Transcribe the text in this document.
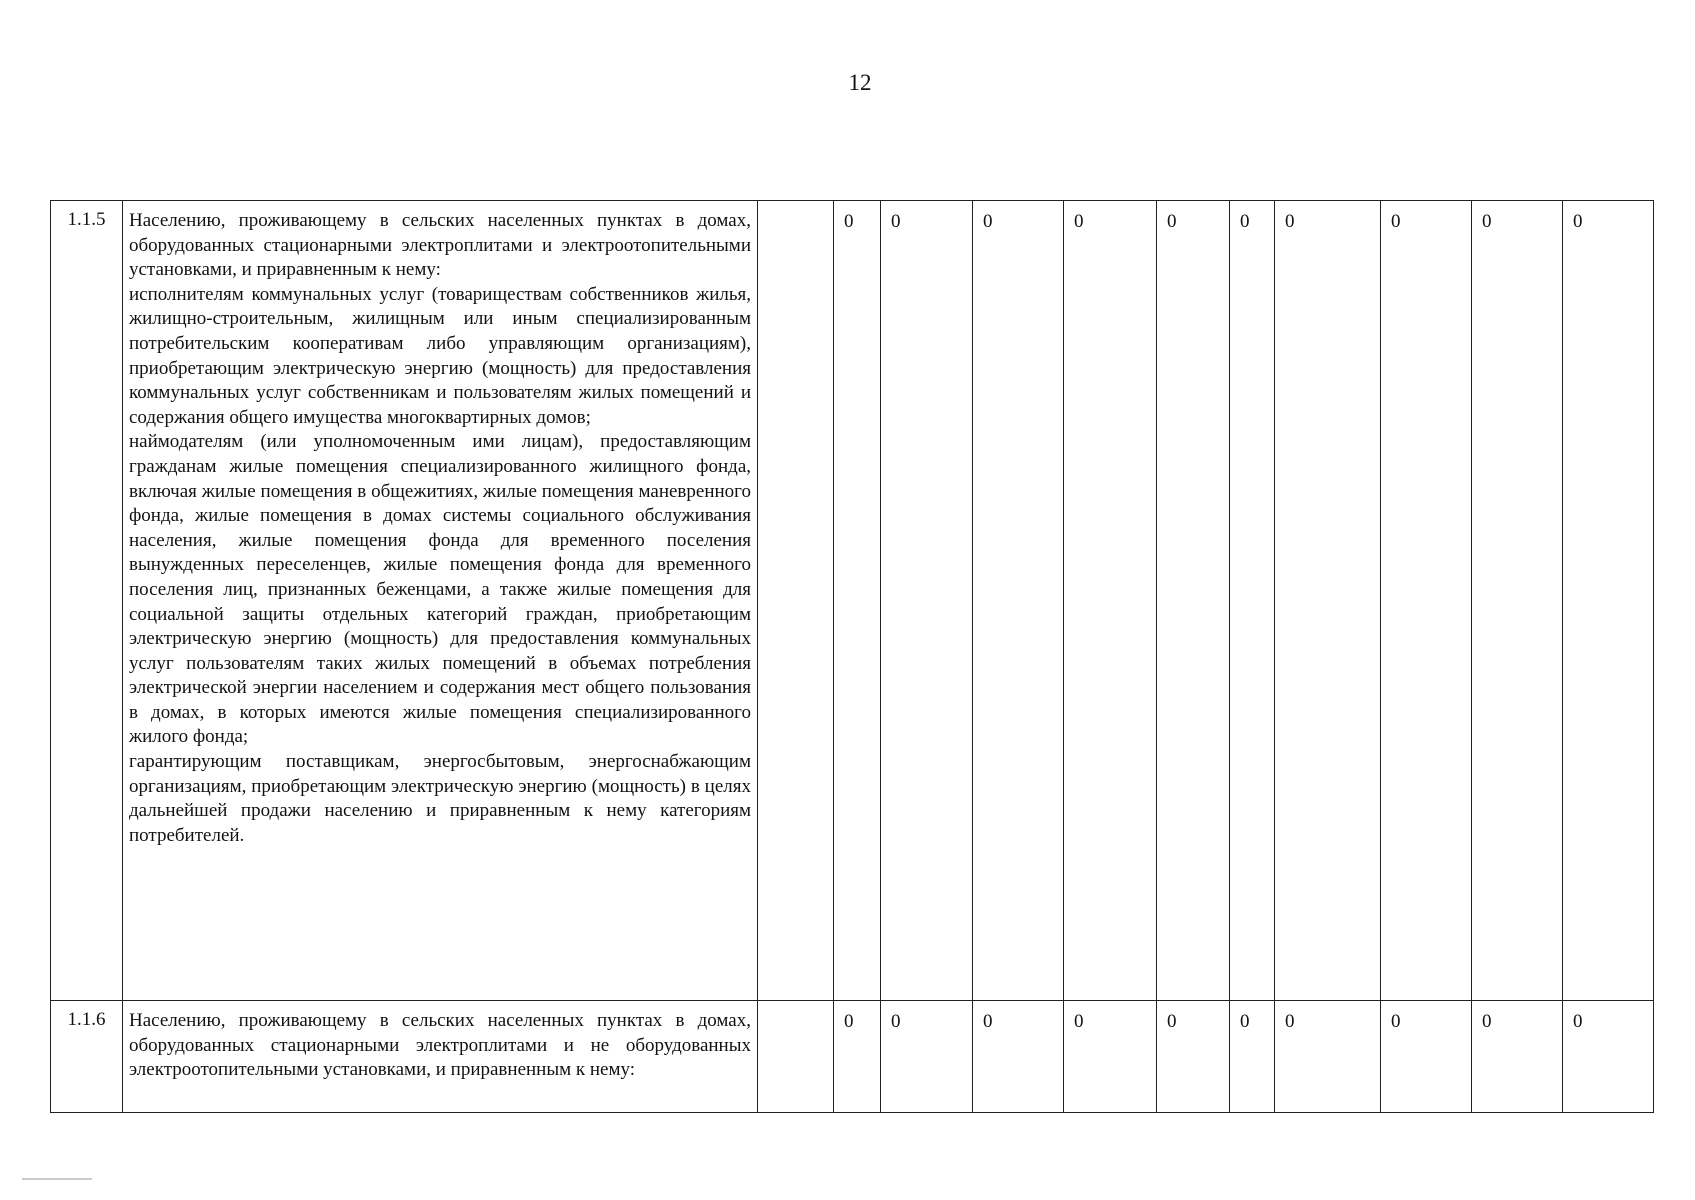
12
1.1.5	Населению, проживающему в сельских населенных пунктах в домах, оборудованных стационарными электроплитами и электроотопительными установками, и приравненным к нему:

исполнителям коммунальных услуг (товариществам собственников жилья, жилищно-строительным, жилищным или иным специализированным потребительским кооперативам либо управляющим организациям), приобретающим электрическую энергию (мощность) для предоставления коммунальных услуг собственникам и пользователям жилых помещений и содержания общего имущества многоквартирных домов;

наймодателям (или уполномоченным ими лицам), предоставляющим гражданам жилые помещения специализированного жилищного фонда, включая жилые помещения в общежитиях, жилые помещения маневренного фонда, жилые помещения в домах системы социального обслуживания населения, жилые помещения фонда для временного поселения вынужденных переселенцев, жилые помещения фонда для временного поселения лиц, признанных беженцами, а также жилые помещения для социальной защиты отдельных категорий граждан, приобретающим электрическую энергию (мощность) для предоставления коммунальных услуг пользователям таких жилых помещений в объемах потребления электрической энергии населением и содержания мест общего пользования в домах, в которых имеются жилые помещения специализированного жилого фонда;

гарантирующим поставщикам, энергосбытовым, энергоснабжающим организациям, приобретающим электрическую энергию (мощность) в целях дальнейшей продажи населению и приравненным к нему категориям потребителей.		0	0	0	0	0	0	0	0	0	0
1.1.6	Населению, проживающему в сельских населенных пунктах в домах, оборудованных стационарными электроплитами и не оборудованных электроотопительными установками, и приравненным к нему:		0	0	0	0	0	0	0	0	0	0
